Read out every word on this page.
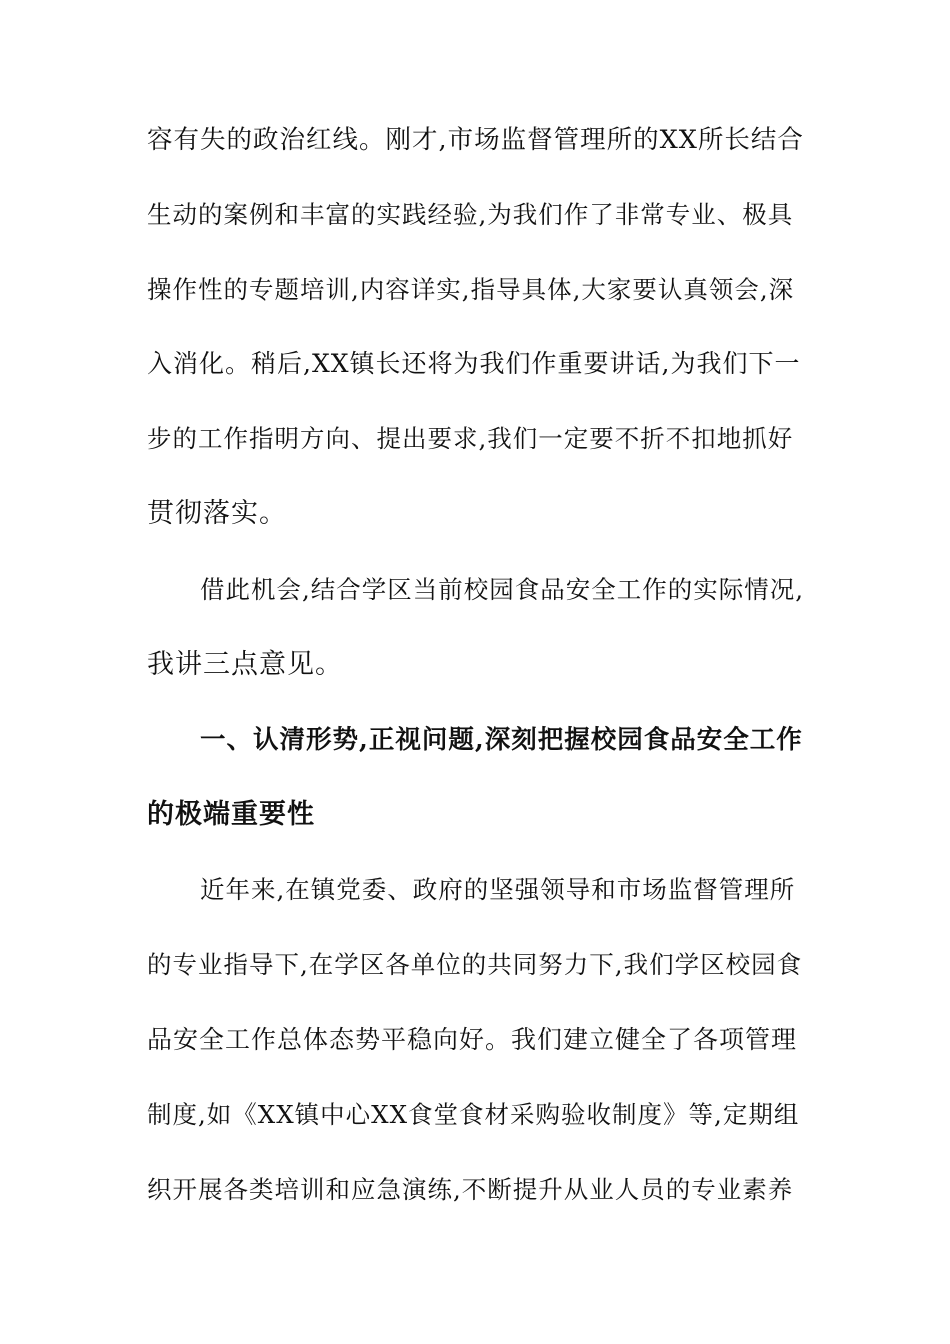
容有失的政治红线。刚才,市场监督管理所的XX所长结合
生动的案例和丰富的实践经验,为我们作了非常专业、极具
操作性的专题培训,内容详实,指导具体,大家要认真领会,深
入消化。稍后,XX镇长还将为我们作重要讲话,为我们下一
步的工作指明方向、提出要求,我们一定要不折不扣地抓好
贯彻落实。
借此机会,结合学区当前校园食品安全工作的实际情况,
我讲三点意见。
一、认清形势,正视问题,深刻把握校园食品安全工作
的极端重要性
近年来,在镇党委、政府的坚强领导和市场监督管理所
的专业指导下,在学区各单位的共同努力下,我们学区校园食
品安全工作总体态势平稳向好。我们建立健全了各项管理
制度,如《XX镇中心XX食堂食材采购验收制度》等,定期组
织开展各类培训和应急演练,不断提升从业人员的专业素养
